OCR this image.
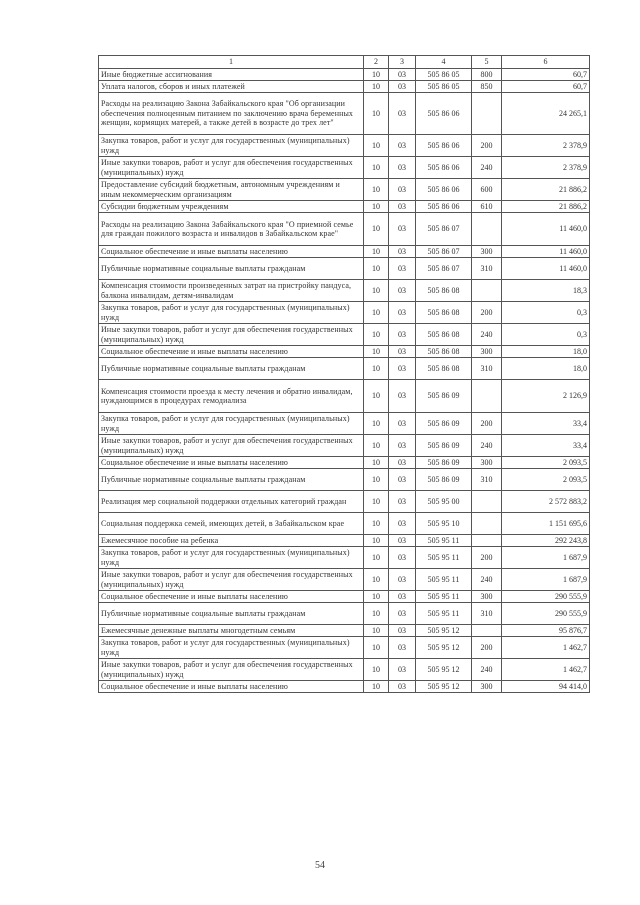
1	2	3	4	5	6
Иные бюджетные ассигнования	10	03	505 86 05	800	60,7
Уплата налогов, сборов и иных платежей	10	03	505 86 05	850	60,7
Расходы на реализацию Закона Забайкальского края "Об организации обеспечения полноценным питанием по заключению врача беременных женщин, кормящих матерей, а также детей в возрасте до трех лет"	10	03	505 86 06		24 265,1
Закупка товаров, работ и услуг для государственных (муниципальных) нужд	10	03	505 86 06	200	2 378,9
Иные закупки товаров, работ и услуг для обеспечения государственных (муниципальных) нужд	10	03	505 86 06	240	2 378,9
Предоставление субсидий бюджетным, автономным учреждениям и иным некоммерческим организациям	10	03	505 86 06	600	21 886,2
Субсидии бюджетным учреждениям	10	03	505 86 06	610	21 886,2
Расходы на реализацию Закона Забайкальского края "О приемной семье для граждан пожилого возраста и инвалидов в Забайкальском крае"	10	03	505 86 07		11 460,0
Социальное обеспечение и иные выплаты населению	10	03	505 86 07	300	11 460,0
Публичные нормативные социальные выплаты гражданам	10	03	505 86 07	310	11 460,0
Компенсация стоимости произведенных затрат на пристройку пандуса, балкона инвалидам, детям-инвалидам	10	03	505 86 08		18,3
Закупка товаров, работ и услуг для государственных (муниципальных) нужд	10	03	505 86 08	200	0,3
Иные закупки товаров, работ и услуг для обеспечения государственных (муниципальных) нужд	10	03	505 86 08	240	0,3
Социальное обеспечение и иные выплаты населению	10	03	505 86 08	300	18,0
Публичные нормативные социальные выплаты гражданам	10	03	505 86 08	310	18,0
Компенсация стоимости проезда к месту лечения и обратно инвалидам, нуждающимся в процедурах гемодиализа	10	03	505 86 09		2 126,9
Закупка товаров, работ и услуг для государственных (муниципальных) нужд	10	03	505 86 09	200	33,4
Иные закупки товаров, работ и услуг для обеспечения государственных (муниципальных) нужд	10	03	505 86 09	240	33,4
Социальное обеспечение и иные выплаты населению	10	03	505 86 09	300	2 093,5
Публичные нормативные социальные выплаты гражданам	10	03	505 86 09	310	2 093,5
Реализация мер социальной поддержки отдельных категорий граждан	10	03	505 95 00		2 572 883,2
Социальная поддержка семей, имеющих детей, в Забайкальском крае	10	03	505 95 10		1 151 695,6
Ежемесячное пособие на ребенка	10	03	505 95 11		292 243,8
Закупка товаров, работ и услуг для государственных (муниципальных) нужд	10	03	505 95 11	200	1 687,9
Иные закупки товаров, работ и услуг для обеспечения государственных (муниципальных) нужд	10	03	505 95 11	240	1 687,9
Социальное обеспечение и иные выплаты населению	10	03	505 95 11	300	290 555,9
Публичные нормативные социальные выплаты гражданам	10	03	505 95 11	310	290 555,9
Ежемесячные денежные выплаты многодетным семьям	10	03	505 95 12		95 876,7
Закупка товаров, работ и услуг для государственных (муниципальных) нужд	10	03	505 95 12	200	1 462,7
Иные закупки товаров, работ и услуг для обеспечения государственных (муниципальных) нужд	10	03	505 95 12	240	1 462,7
Социальное обеспечение и иные выплаты населению	10	03	505 95 12	300	94 414,0
54
